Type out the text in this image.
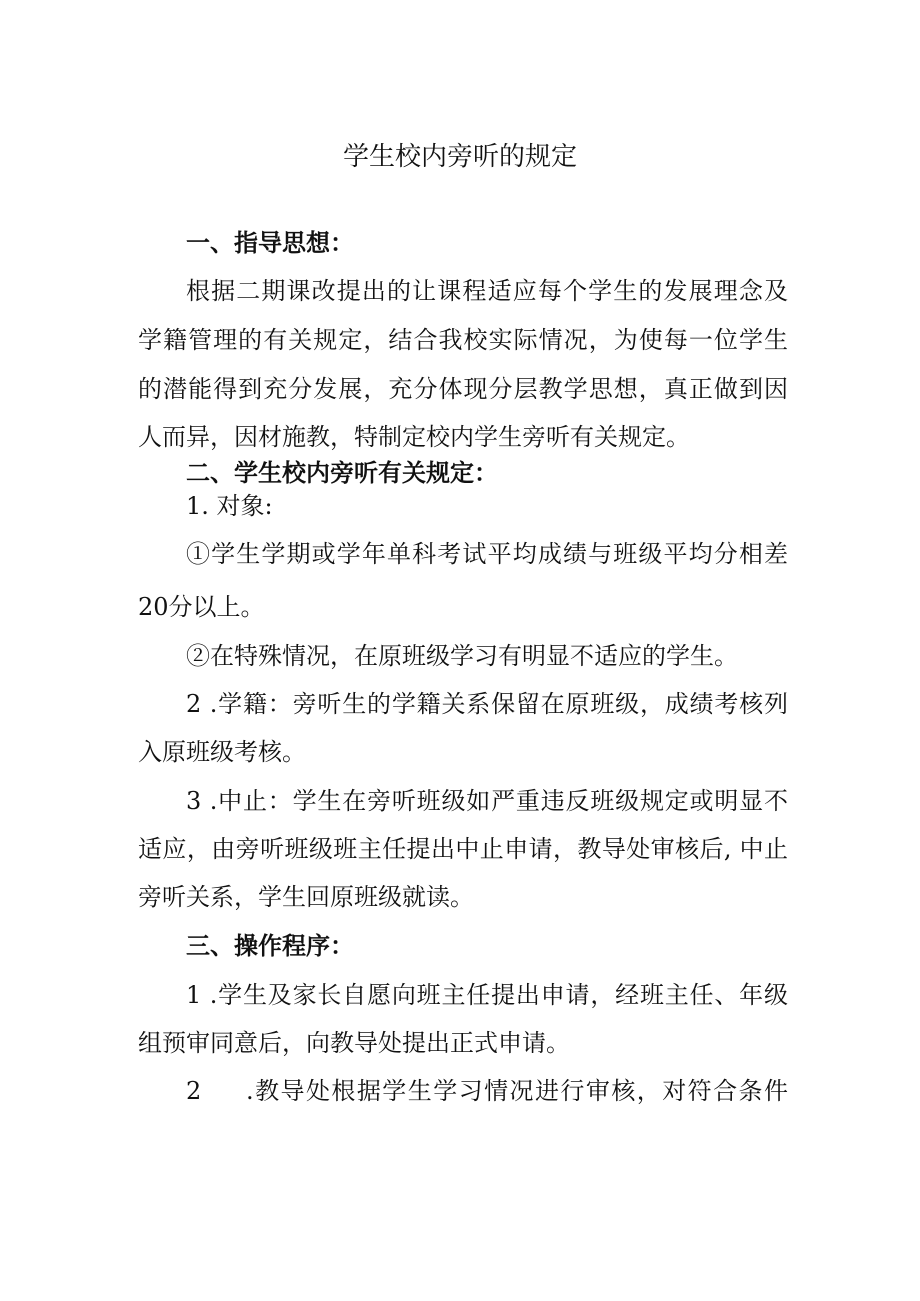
学生校内旁听的规定
一、指导思想：
根据二期课改提出的让课程适应每个学生的发展理念及
学籍管理的有关规定，结合我校实际情况，为使每一位学生
的潜能得到充分发展，充分体现分层教学思想，真正做到因
人而异，因材施教，特制定校内学生旁听有关规定。
二、学生校内旁听有关规定：
1. 对象:
①学生学期或学年单科考试平均成绩与班级平均分相差
20分以上。
②在特殊情况，在原班级学习有明显不适应的学生。
2 .学籍：旁听生的学籍关系保留在原班级，成绩考核列
入原班级考核。
3 .中止：学生在旁听班级如严重违反班级规定或明显不
适应，由旁听班级班主任提出中止申请，教导处审核后, 中止
旁听关系，学生回原班级就读。
三、操作程序：
1 .学生及家长自愿向班主任提出申请，经班主任、年级
组预审同意后，向教导处提出正式申请。
2	.教导处根据学生学习情况进行审核，对符合条件
